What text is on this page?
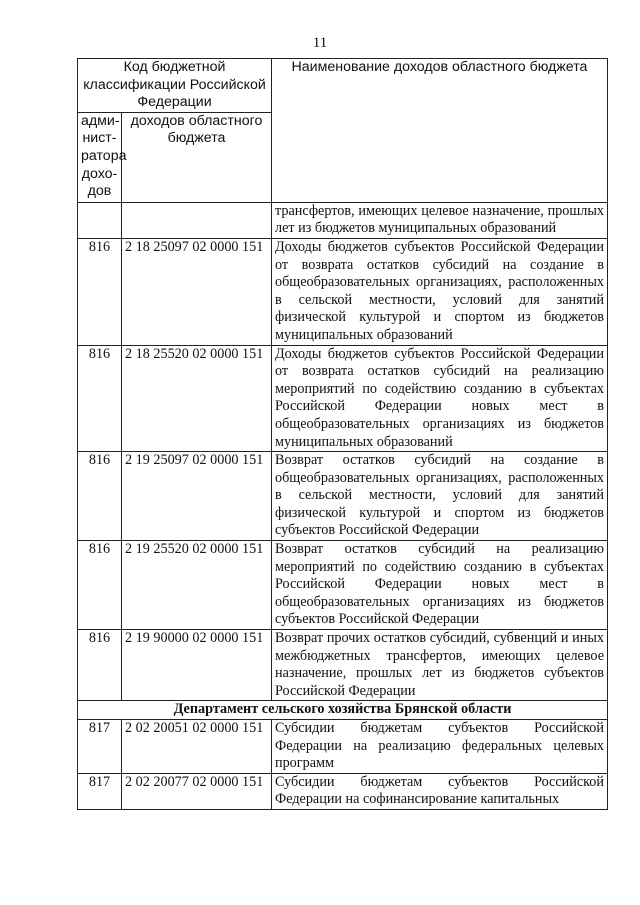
11
Код бюджетной классификации Российской Федерации		Наименование доходов областного бюджета
адми-нист-ратора дохо-дов	доходов областного бюджета	
		трансфертов, имеющих целевое назначение, прошлых лет из бюджетов муниципальных образований
816	2 18 25097 02 0000 151	Доходы бюджетов субъектов Российской Федерации от возврата остатков субсидий на создание в общеобразовательных организациях, расположенных в сельской местности, условий для занятий физической культурой и спортом из бюджетов муниципальных образований
816	2 18 25520 02 0000 151	Доходы бюджетов субъектов Российской Федерации от возврата остатков субсидий на реализацию мероприятий по содействию созданию в субъектах Российской Федерации новых мест в общеобразовательных организациях из бюджетов муниципальных образований
816	2 19 25097 02 0000 151	Возврат остатков субсидий на создание в общеобразовательных организациях, расположенных в сельской местности, условий для занятий физической культурой и спортом из бюджетов субъектов Российской Федерации
816	2 19 25520 02 0000 151	Возврат остатков субсидий на реализацию мероприятий по содействию созданию в субъектах Российской Федерации новых мест в общеобразовательных организациях из бюджетов субъектов Российской Федерации
816	2 19 90000 02 0000 151	Возврат прочих остатков субсидий, субвенций и иных межбюджетных трансфертов, имеющих целевое назначение, прошлых лет из бюджетов субъектов Российской Федерации
Департамент сельского хозяйства Брянской области		
817	2 02 20051 02 0000 151	Субсидии бюджетам субъектов Российской Федерации на реализацию федеральных целевых программ
817	2 02 20077 02 0000 151	Субсидии бюджетам субъектов Российской Федерации на софинансирование капитальных
